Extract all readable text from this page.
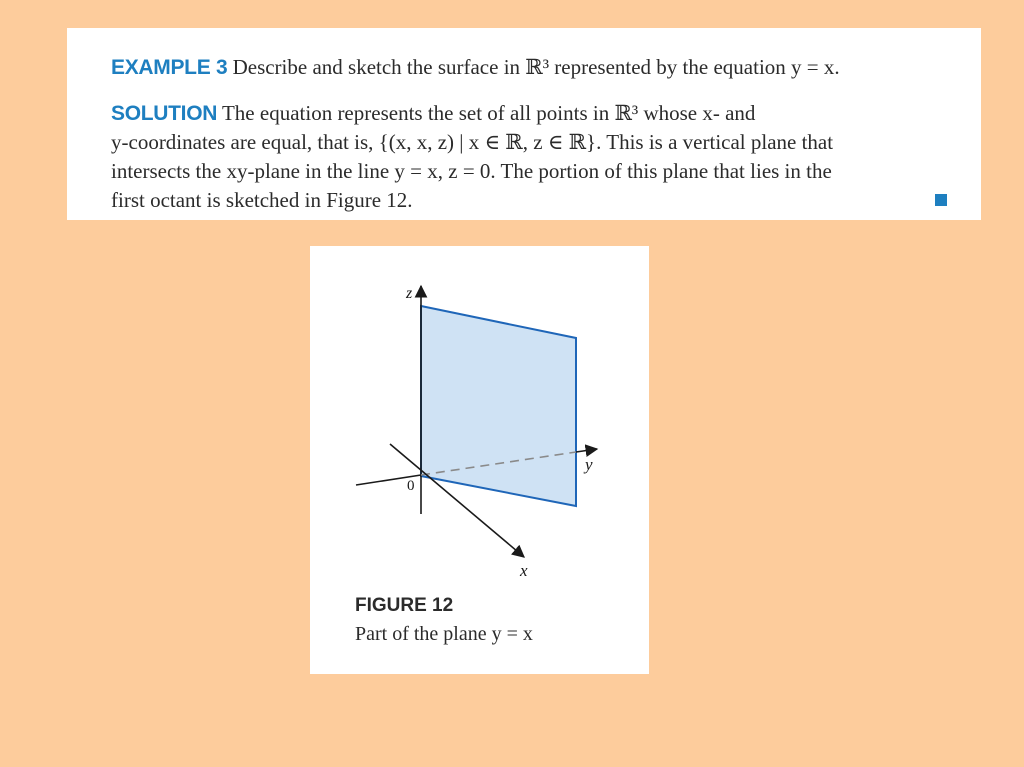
EXAMPLE 3 Describe and sketch the surface in ℝ³ represented by the equation y = x.
SOLUTION The equation represents the set of all points in ℝ³ whose x- and
y-coordinates are equal, that is, {(x, x, z) | x ∈ ℝ, z ∈ ℝ}. This is a vertical plane that
intersects the xy-plane in the line y = x, z = 0. The portion of this plane that lies in the
first octant is sketched in Figure 12.
z
y
x
0
FIGURE 12
Part of the plane y = x
